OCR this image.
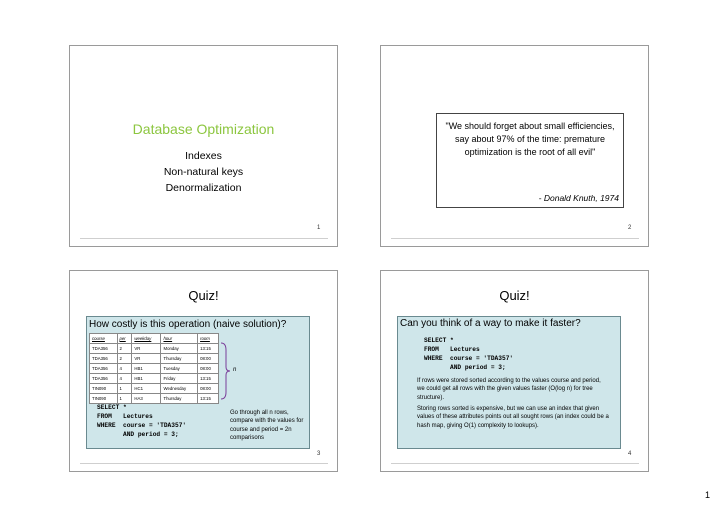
Database Optimization
Indexes
Non-natural keys
Denormalization
1
"We should forget about small efficiencies, say about 97% of the time: premature optimization is the root of all evil"
- Donald Knuth, 1974
2
Quiz!
How costly is this operation (naive solution)?
course	per	weekday	hour	room
TDA356	2	VR	Monday	13:15
TDA356	2	VR	Thursday	08:00
TDA356	4	HB1	Tuesday	08:00
TDA356	4	HB1	Friday	13:15
TIN090	1	HC1	Wednesday	08:00
TIN090	1	HA3	Thursday	13:15
n
SELECT *
FROM   Lectures
WHERE  course = 'TDA357'
AND period = 3;
Go through all n rows, compare with the values for course and period = 2n comparisons
3
Quiz!
Can you think of a way to make it faster?
SELECT *
FROM   Lectures
WHERE  course = 'TDA357'
AND period = 3;
If rows were stored sorted according to the values course and period, we could get all rows with the given values faster (O(log n) for tree structure).
Storing rows sorted is expensive, but we can use an index that given values of these attributes points out all sought rows (an index could be a hash map, giving O(1) complexity to lookups).
4
1
